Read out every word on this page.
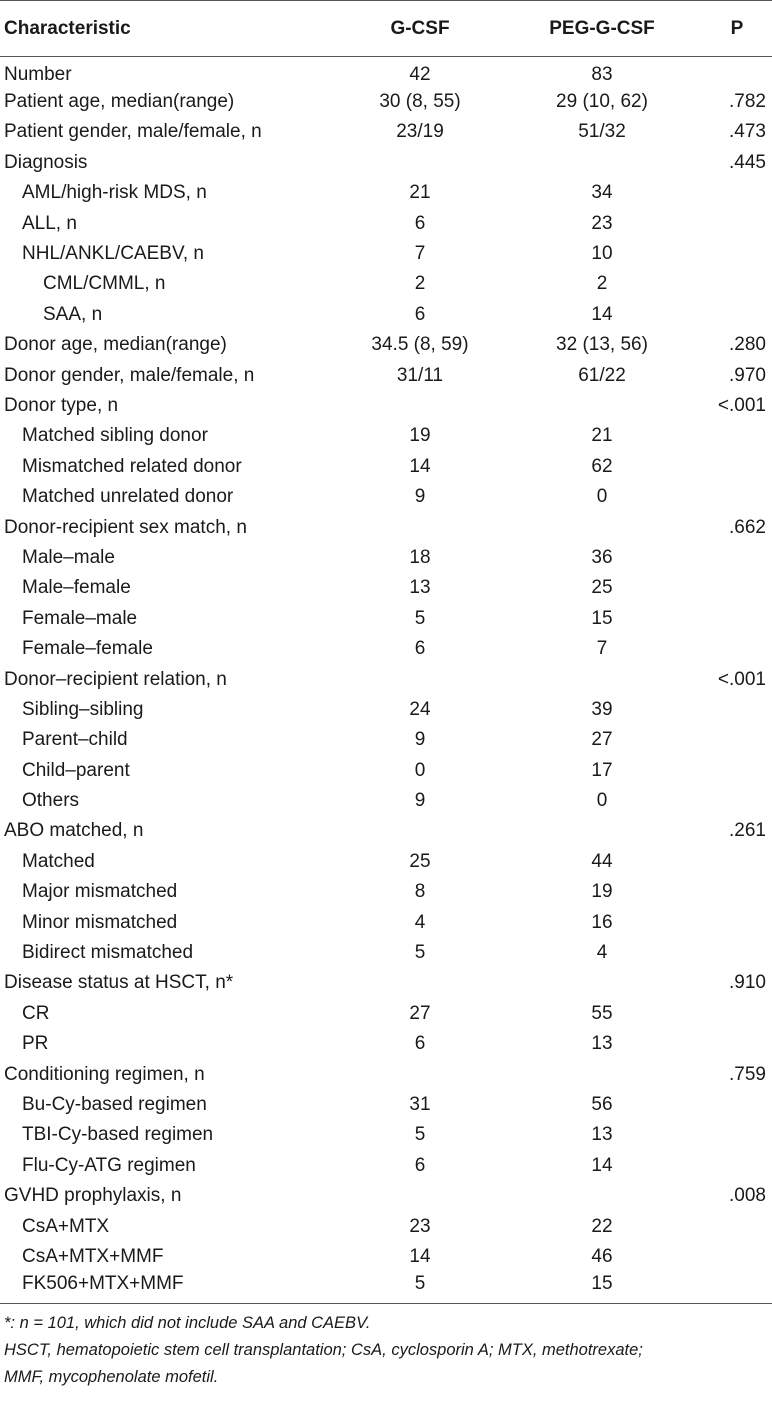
Characteristic	G-CSF	PEG-G-CSF	P
Number	42	83	
Patient age, median(range)	30 (8, 55)	29 (10, 62)	.782
Patient gender, male/female, n	23/19	51/32	.473
Diagnosis			.445
AML/high-risk MDS, n	21	34	
ALL, n	6	23	
NHL/ANKL/CAEBV, n	7	10	
CML/CMML, n	2	2	
SAA, n	6	14	
Donor age, median(range)	34.5 (8, 59)	32 (13, 56)	.280
Donor gender, male/female, n	31/11	61/22	.970
Donor type, n			<.001
Matched sibling donor	19	21	
Mismatched related donor	14	62	
Matched unrelated donor	9	0	
Donor-recipient sex match, n			.662
Male–male	18	36	
Male–female	13	25	
Female–male	5	15	
Female–female	6	7	
Donor–recipient relation, n			<.001
Sibling–sibling	24	39	
Parent–child	9	27	
Child–parent	0	17	
Others	9	0	
ABO matched, n			.261
Matched	25	44	
Major mismatched	8	19	
Minor mismatched	4	16	
Bidirect mismatched	5	4	
Disease status at HSCT, n*			.910
CR	27	55	
PR	6	13	
Conditioning regimen, n			.759
Bu-Cy-based regimen	31	56	
TBI-Cy-based regimen	5	13	
Flu-Cy-ATG regimen	6	14	
GVHD prophylaxis, n			.008
CsA+MTX	23	22	
CsA+MTX+MMF	14	46	
FK506+MTX+MMF	5	15	
*: n = 101, which did not include SAA and CAEBV.
HSCT, hematopoietic stem cell transplantation; CsA, cyclosporin A; MTX, methotrexate;
MMF, mycophenolate mofetil.
